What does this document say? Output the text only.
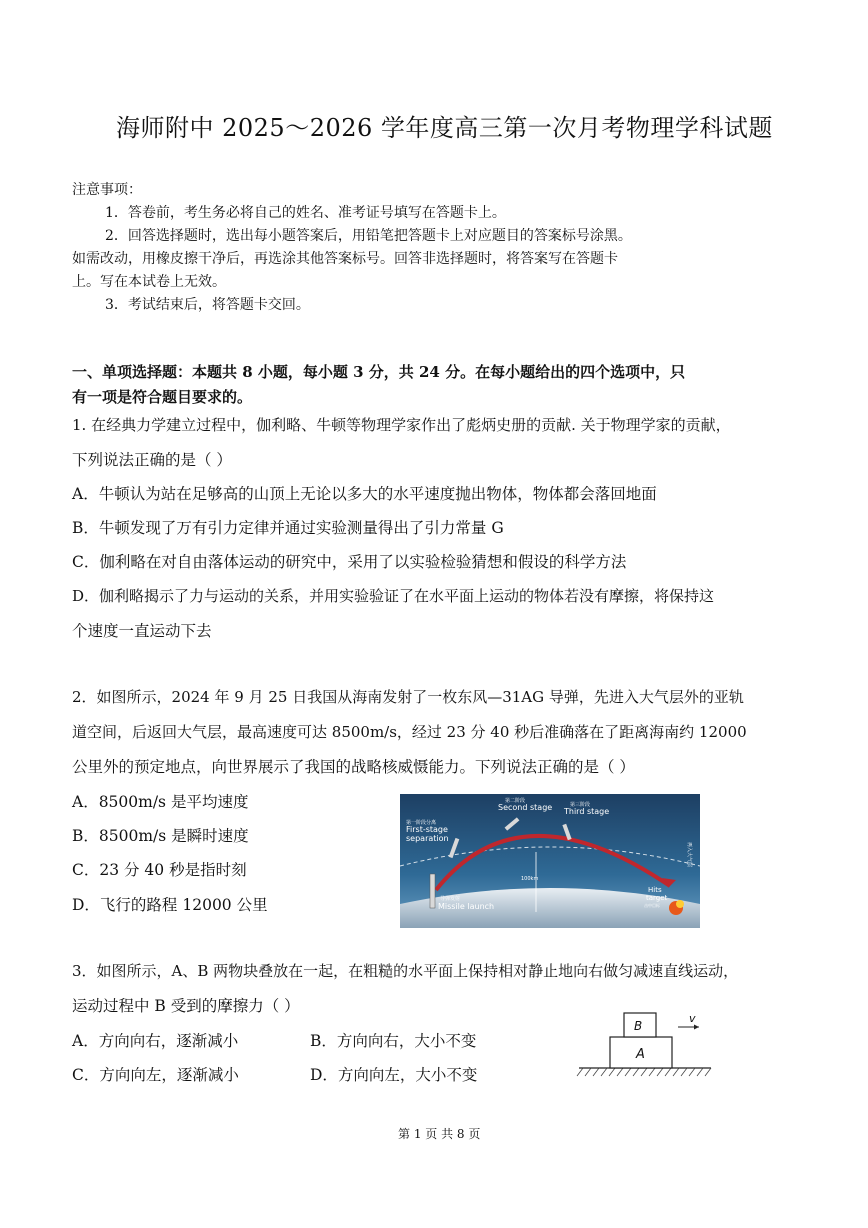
海师附中 2025～2026 学年度高三第一次月考物理学科试题
注意事项：
1．答卷前，考生务必将自己的姓名、准考证号填写在答题卡上。
2．回答选择题时，选出每小题答案后，用铅笔把答题卡上对应题目的答案标号涂黑。
如需改动，用橡皮擦干净后，再选涂其他答案标号。回答非选择题时，将答案写在答题卡
上。写在本试卷上无效。
3．考试结束后，将答题卡交回。
一、单项选择题：本题共 8 小题，每小题 3 分，共 24 分。在每小题给出的四个选项中，只
有一项是符合题目要求的。
1. 在经典力学建立过程中，伽利略、牛顿等物理学家作出了彪炳史册的贡献. 关于物理学家的贡献，
下列说法正确的是（ ）
A．牛顿认为站在足够高的山顶上无论以多大的水平速度抛出物体，物体都会落回地面
B．牛顿发现了万有引力定律并通过实验测量得出了引力常量 G
C．伽利略在对自由落体运动的研究中，采用了以实验检验猜想和假设的科学方法
D．伽利略揭示了力与运动的关系，并用实验验证了在水平面上运动的物体若没有摩擦，将保持这
个速度一直运动下去
2．如图所示，2024 年 9 月 25 日我国从海南发射了一枚东风—31AG 导弹，先进入大气层外的亚轨
道空间，后返回大气层，最高速度可达 8500m/s，经过 23 分 40 秒后准确落在了距离海南约 12000
公里外的预定地点，向世界展示了我国的战略核威慑能力。下列说法正确的是（ ）
A．8500m/s 是平均速度
B．8500m/s 是瞬时速度
C．23 分 40 秒是指时刻
D．飞行的路程 12000 公里
第二阶段
Second stage	第三阶段
Third stage
第一阶段分离
First-stage
separation
导弹发射
Missile launch
100km
Hits
target
击中目标
再入大气层
3．如图所示，A、B 两物块叠放在一起，在粗糙的水平面上保持相对静止地向右做匀减速直线运动，
运动过程中 B 受到的摩擦力（ ）
A．方向向右，逐渐减小	B．方向向右，大小不变
C．方向向左，逐渐减小	D．方向向左，大小不变
A
B
v
第 1 页 共 8 页
